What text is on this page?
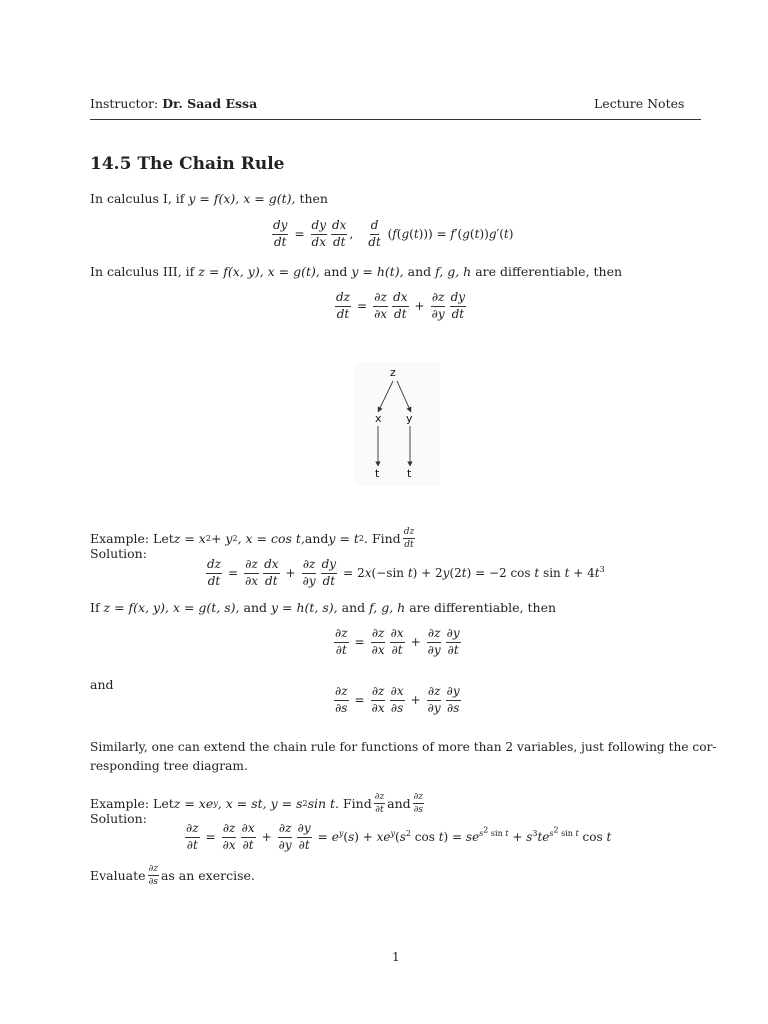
Instructor: Dr. Saad Essa	Lecture Notes
14.5 The Chain Rule
In calculus I, if y = f(x), x = g(t), then
$\frac{dy}{dt} = \frac{dy}{dx} \frac{dx}{dt}$ , $\frac{d}{dt} (f(g(t))) = f'(g(t))g'(t)$
In calculus III, if z = f(x, y), x = g(t), and y = h(t), and f, g, h are differentiable, then
$\frac{dz}{dt} = \frac{\partial z}{\partial x} \frac{dx}{dt} + \frac{\partial z}{\partial y} \frac{dy}{dt}$
z
x y
t	t
Example: Let z = x 2 + y 2 , x = cos t, and y = t 2 . Find $\frac{dz}{dt}$
Solution:
$\frac{dz}{dt} = \frac{\partial z}{\partial x} \frac{dx}{dt} + \frac{\partial z}{\partial y} \frac{dy}{dt} = 2x(-\sin$ t) + 2y(2t) = −2 cos t $\sin t + 4t^3$
If z = f(x, y), x = g(t, s), and y = h(t, s), and f, g, h are differentiable, then
$\frac{\partial z}{\partial t} = \frac{\partial z}{\partial x} \frac{\partial x}{\partial t} + \frac{\partial z}{\partial y} \frac{\partial y}{\partial t}$
and
$\frac{\partial z}{\partial s} = \frac{\partial z}{\partial x} \frac{\partial x}{\partial s} + \frac{\partial z}{\partial y} \frac{\partial y}{\partial s}$
Similarly, one can extend the chain rule for functions of more than 2 variables, just following the cor-
responding tree diagram.
Example: Let z = xe y , x = st, y = s 2 sin t . Find $\frac{\partial z}{\partial t}$ and $\frac{\partial z}{\partial s}$
Solution:
$\frac{\partial z}{\partial t} = \frac{\partial z}{\partial x} \frac{\partial x}{\partial t} + \frac{\partial z}{\partial y} \frac{\partial y}{\partial t} = e^y(s) + xe^y(s^2$ $\cos t) = se^{s^2 sin t} + s^3te^{s^2 sin t}$ cos t
Evaluate $\frac{\partial z}{\partial s}$ as an exercise.
1
